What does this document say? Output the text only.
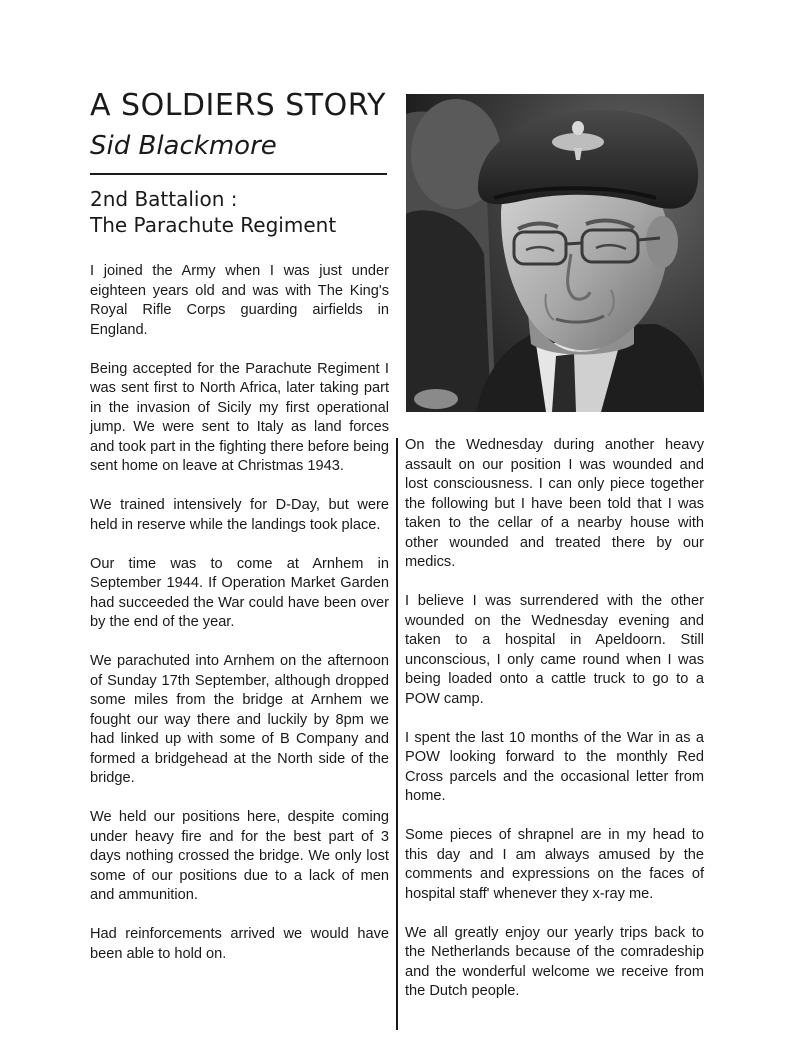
A SOLDIERS STORY
Sid Blackmore
2nd Battalion :
The Parachute Regiment

I joined the Army when I was just under eighteen years old and was with The King's Royal Rifle Corps guarding airfields in England.

Being accepted for the Parachute Regiment I was sent first to North Africa, later taking part in the invasion of Sicily my first operational jump. We were sent to Italy as land forces and took part in the fighting there before being sent home on leave at Christmas 1943.

We trained intensively for D-Day, but were held in reserve while the landings took place.

Our time was to come at Arnhem in September 1944. If Operation Market Garden had succeeded the War could have been over by the end of the year.

We parachuted into Arnhem on the afternoon of Sunday 17th September, although dropped some miles from the bridge at Arnhem we fought our way there and luckily by 8pm we had linked up with some of B Company and formed a bridgehead at the North side of the bridge.

We held our positions here, despite coming under heavy fire and for the best part of 3 days nothing crossed the bridge. We only lost some of our positions due to a lack of men and ammunition.

Had reinforcements arrived we would have been able to hold on.

On the Wednesday during another heavy assault on our position I was wounded and lost consciousness. I can only piece together the following but I have been told that I was taken to the cellar of a nearby house with other wounded and treated there by our medics.

I believe I was surrendered with the other wounded on the Wednesday evening and taken to a hospital in Apeldoorn. Still unconscious, I only came round when I was being loaded onto a cattle truck to go to a POW camp.

I spent the last 10 months of the War in as a POW looking forward to the monthly Red Cross parcels and the occasional letter from home.

Some pieces of shrapnel are in my head to this day and I am always amused by the comments and expressions on the faces of hospital staff' whenever they x-ray me.

We all greatly enjoy our yearly trips back to the Netherlands because of the comradeship and the wonderful welcome we receive from the Dutch people.
